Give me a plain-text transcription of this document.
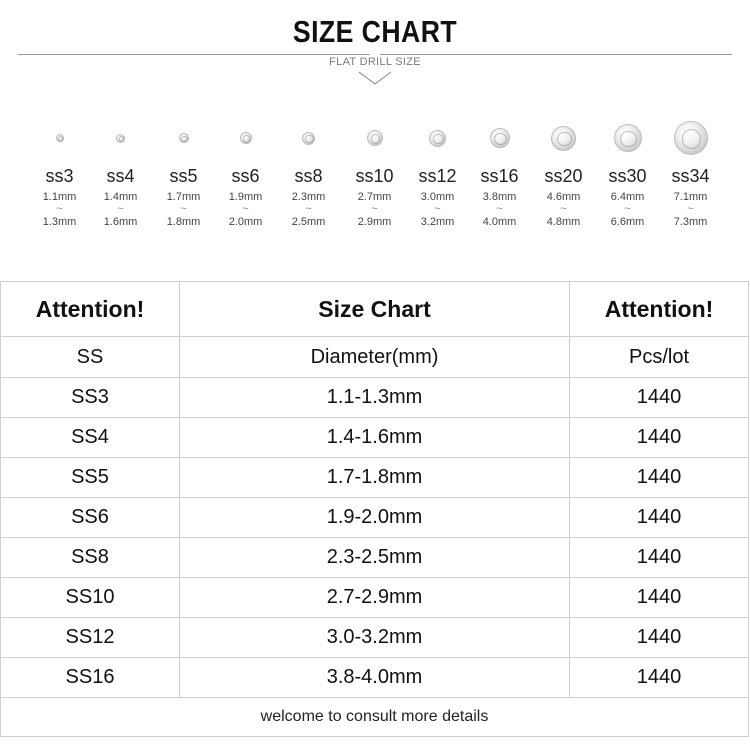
SIZE CHART
FLAT DRILL SIZE
ss3
1.1mm
~
1.3mm
ss4
1.4mm
~
1.6mm
ss5
1.7mm
~
1.8mm
ss6
1.9mm
~
2.0mm
ss8
2.3mm
~
2.5mm
ss10
2.7mm
~
2.9mm
ss12
3.0mm
~
3.2mm
ss16
3.8mm
~
4.0mm
ss20
4.6mm
~
4.8mm
ss30
6.4mm
~
6.6mm
ss34
7.1mm
~
7.3mm
Attention!	Size Chart	Attention!
SS	Diameter(mm)	Pcs/lot
SS3	1.1-1.3mm	1440
SS4	1.4-1.6mm	1440
SS5	1.7-1.8mm	1440
SS6	1.9-2.0mm	1440
SS8	2.3-2.5mm	1440
SS10	2.7-2.9mm	1440
SS12	3.0-3.2mm	1440
SS16	3.8-4.0mm	1440
welcome to consult more details		
